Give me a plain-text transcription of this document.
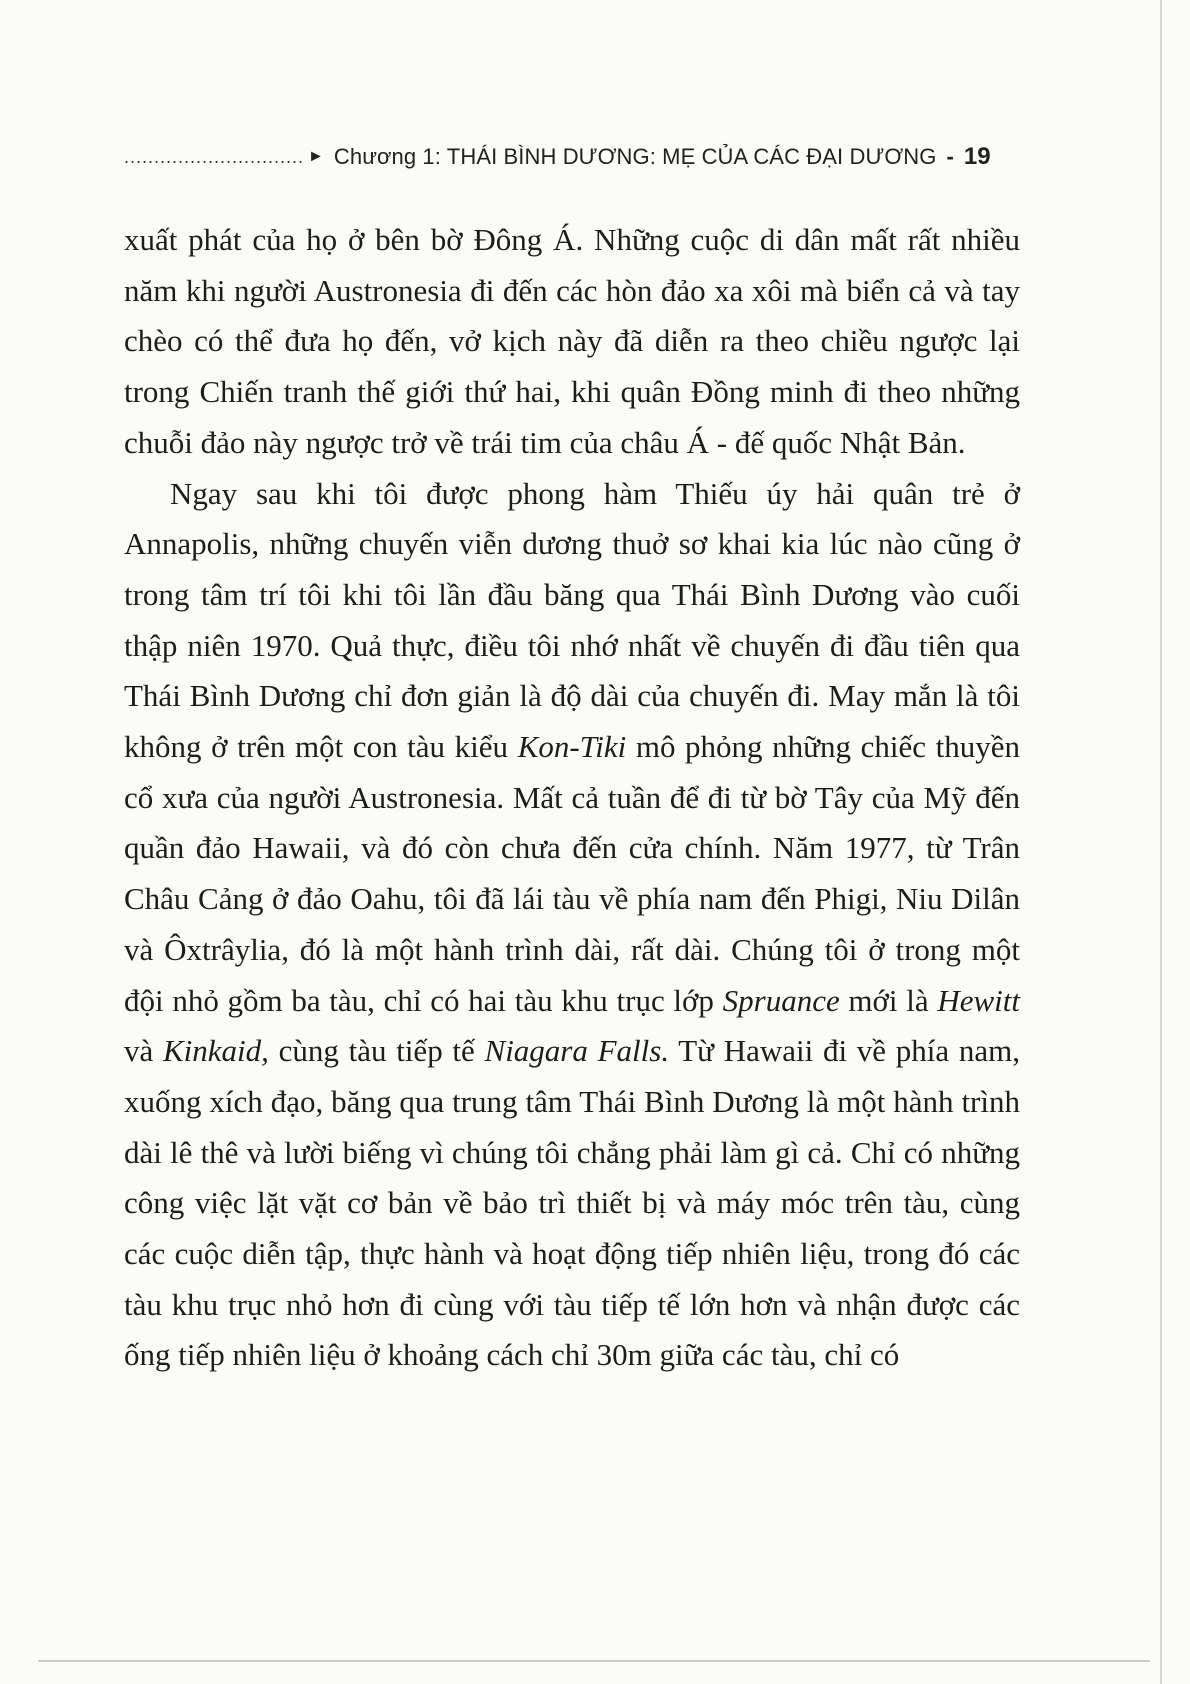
.............................. ► Chương 1: THÁI BÌNH DƯƠNG: MẸ CỦA CÁC ĐẠI DƯƠNG - 19

xuất phát của họ ở bên bờ Đông Á. Những cuộc di dân mất rất nhiều năm khi người Austronesia đi đến các hòn đảo xa xôi mà biển cả và tay chèo có thể đưa họ đến, vở kịch này đã diễn ra theo chiều ngược lại trong Chiến tranh thế giới thứ hai, khi quân Đồng minh đi theo những chuỗi đảo này ngược trở về trái tim của châu Á - đế quốc Nhật Bản.

Ngay sau khi tôi được phong hàm Thiếu úy hải quân trẻ ở Annapolis, những chuyến viễn dương thuở sơ khai kia lúc nào cũng ở trong tâm trí tôi khi tôi lần đầu băng qua Thái Bình Dương vào cuối thập niên 1970. Quả thực, điều tôi nhớ nhất về chuyến đi đầu tiên qua Thái Bình Dương chỉ đơn giản là độ dài của chuyến đi. May mắn là tôi không ở trên một con tàu kiểu Kon-Tiki mô phỏng những chiếc thuyền cổ xưa của người Austronesia. Mất cả tuần để đi từ bờ Tây của Mỹ đến quần đảo Hawaii, và đó còn chưa đến cửa chính. Năm 1977, từ Trân Châu Cảng ở đảo Oahu, tôi đã lái tàu về phía nam đến Phigi, Niu Dilân và Ôxtrâylia, đó là một hành trình dài, rất dài. Chúng tôi ở trong một đội nhỏ gồm ba tàu, chỉ có hai tàu khu trục lớp Spruance mới là Hewitt và Kinkaid, cùng tàu tiếp tế Niagara Falls. Từ Hawaii đi về phía nam, xuống xích đạo, băng qua trung tâm Thái Bình Dương là một hành trình dài lê thê và lười biếng vì chúng tôi chẳng phải làm gì cả. Chỉ có những công việc lặt vặt cơ bản về bảo trì thiết bị và máy móc trên tàu, cùng các cuộc diễn tập, thực hành và hoạt động tiếp nhiên liệu, trong đó các tàu khu trục nhỏ hơn đi cùng với tàu tiếp tế lớn hơn và nhận được các ống tiếp nhiên liệu ở khoảng cách chỉ 30m giữa các tàu, chỉ có
